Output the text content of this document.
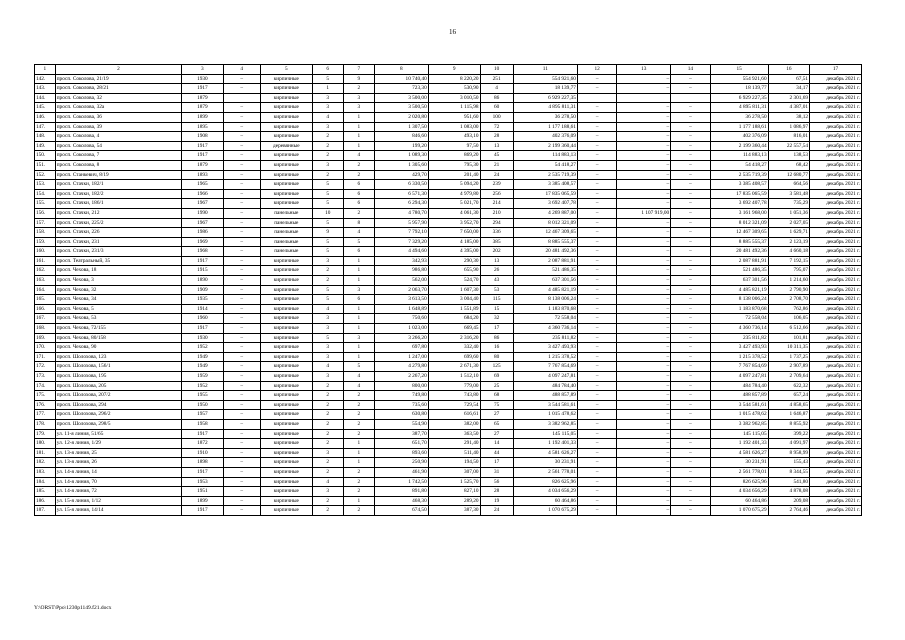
16
1	2	3	4	5	6	7	8	9	10	11	12	13	14	15	16	17
142.	просп. Соколова, 21/19	1930	–	кирпичные	5	9	10 740,40	8 220,20	251	554 921,60	–	–	–	554 921,60	67,51	декабрь 2021 г.
143.	просп. Соколова, 28/21	1917	–	кирпичные	1	2	723,30	530,90	4	18 139,77	–	–	–	18 139,77	34,17	декабрь 2021 г.
144.	просп. Соколова, 32	1879		кирпичные	3	3	3 500,00	3 010,50	86	6 929 227,35				6 929 227,35	2 301,69	декабрь 2021 г.
145.	просп. Соколова, 32а	1879	–	кирпичные	3	3	3 500,50	1 115,98	60	4 895 811,31	–	–	–	4 895 811,31	4 387,01	декабрь 2021 г.
146.	просп. Соколова, 36	1899	–	кирпичные	4	1	2 020,80	951,60	100	36 278,50	–	–	–	36 278,50	38,12	декабрь 2021 г.
147.	просп. Соколова, 39	1895	–	кирпичные	3	1	1 307,50	1 083,00	72	1 177 188,61	–	–	–	1 177 188,61	1 086,97	декабрь 2021 г.
148.	просп. Соколова, 4	1908	–	кирпичные	2	1	846,60	493,10	28	402 376,09	–	–	–	402 376,09	816,01	декабрь 2021 г.
149.	просп. Соколова, 54	1917	–	деревянные	2	1	199,20	97,50	13	2 199 360,44	–	–	–	2 199 360,44	22 557,54	декабрь 2021 г.
150.	просп. Соколова, 7	1917	–	кирпичные	2	4	1 089,30	869,20	45	114 883,13	–	–	–	114 883,13	138,53	декабрь 2021 г.
151.	просп. Соколова, 8	1879	–	кирпичные	3	2	1 305,60	795,30	21	54 418,27	–	–	–	54 418,27	68,42	декабрь 2021 г.
152.	просп. Станкевич, 8/19	1893	–	кирпичные	2	2	429,70	201,40	24	2 535 719,39	–	–	–	2 535 719,39	12 680,77	декабрь 2021 г.
153.	просп. Стачки, 182/1	1965	–	кирпичные	5	6	6 330,50	5 094,20	239	3 385 408,57	–	–	–	3 385 408,57	664,56	декабрь 2021 г.
154.	просп. Стачки, 182/2	1966	–	кирпичные	5	6	6 571,30	4 979,80	256	17 835 065,59	–	–	–	17 835 065,59	3 581,48	декабрь 2021 г.
155.	просп. Стачки, 186/1	1967	–	кирпичные	5	6	6 294,30	5 021,70	214	3 692 407,78	–	–	–	3 692 407,78	735,29	декабрь 2021 г.
156.	просп. Стачки, 212	1990	–	панельные	10	2	4 780,70	4 061,30	210	4 269 887,00	–	1 107 919,00	–	3 161 968,00	1 051,36	декабрь 2021 г.
157.	просп. Стачки, 225/2	1967	–	панельные	5	8	5 957,90	3 952,70	294	8 012 321,09	–	–	–	8 012 321,09	2 027,05	декабрь 2021 г.
158.	просп. Стачки, 226	1986	–	панельные	9	4	7 792,10	7 650,00	336	12 467 309,65	–	–	–	12 467 309,65	1 629,71	декабрь 2021 г.
159.	просп. Стачки, 231	1969	–	панельные	5	5	7 329,20	4 185,00	385	8 885 555,37	–	–	–	8 885 555,37	2 123,19	декабрь 2021 г.
160.	просп. Стачки, 231/3	1968	–	панельные	5	6	4 494,60	4 395,00	202	20 481 492,36	–	–	–	20 481 492,36	4 660,18	декабрь 2021 г.
161.	просп. Театральный, 35	1917	–	кирпичные	3	1	342,93	290,30	13	2 087 881,91	–	–	–	2 087 881,91	7 192,15	декабрь 2021 г.
162.	просп. Чехова, 18	1915	–	кирпичные	2	1	986,80	655,90	26	521 486,35	–	–	–	521 486,35	795,07	декабрь 2021 г.
163.	просп. Чехова, 3	1890	–	кирпичные	2	1	562,00	524,70	43	637 301,56	–	–	–	637 301,56	1 214,60	декабрь 2021 г.
164.	просп. Чехова, 32	1909	–	кирпичные	5	3	2 063,70	1 607,30	53	4 485 821,19	–	–	–	4 485 821,19	2 790,90	декабрь 2021 г.
165.	просп. Чехова, 34	1935	–	кирпичные	5	6	3 613,50	3 004,40	115	8 138 006,24	–	–	–	8 138 006,24	2 708,70	декабрь 2021 г.
166.	просп. Чехова, 5	1914	–	кирпичные	4	1	1 648,89	1 551,89	15	1 183 870,68	–	–	–	1 183 870,68	762,86	декабрь 2021 г.
167.	просп. Чехова, 53	1960	–	кирпичные	3	1	750,60	684,20	32	72 558,04	–	–	–	72 558,04	106,05	декабрь 2021 г.
168.	просп. Чехова, 72/155	1917	–	кирпичные	3	1	1 023,00	669,45	17	4 360 736,14	–	–	–	4 360 736,14	6 512,66	декабрь 2021 г.
169.	просп. Чехова, 80/158	1930	–	кирпичные	5	3	3 266,20	2 316,20	86	235 811,82	–	–	–	235 811,82	101,81	декабрь 2021 г.
170.	просп. Чехова, 90	1952	–	кирпичные	3	1	697,80	332,40	16	3 427 493,93	–	–	–	3 427 493,93	10 311,35	декабрь 2021 г.
171.	просп. Шолохова, 123	1949	–	кирпичные	3	1	1 247,00	699,60	80	1 215 378,52	–	–	–	1 215 378,52	1 737,25	декабрь 2021 г.
172.	просп. Шолохова, 156/1	1949	–	кирпичные	4	5	4 279,80	2 671,30	125	7 767 854,69	–	–	–	7 767 854,69	2 907,89	декабрь 2021 г.
173.	просп. Шолохова, 195	1959	–	кирпичные	3	4	2 267,20	1 512,10	69	4 097 247,81	–	–	–	4 097 247,81	2 709,64	декабрь 2021 г.
174.	просп. Шолохова, 205	1952	–	кирпичные	2	4	800,00	779,00	25	484 784,40	–	–	–	484 784,40	622,32	декабрь 2021 г.
175.	просп. Шолохова, 207/2	1955	–	кирпичные	2	2	749,80	743,80	68	488 857,89	–	–	–	488 857,89	657,24	декабрь 2021 г.
176.	просп. Шолохова, 294	1950	–	кирпичные	2	2	735,60	729,54	75	3 544 581,61	–	–	–	3 544 581,61	4 858,65	декабрь 2021 г.
177.	просп. Шолохова, 296/2	1957	–	кирпичные	2	2	630,80	616,61	27	1 015 478,62	–	–	–	1 015 478,62	1 646,87	декабрь 2021 г.
178.	просп. Шолохова, 298/5	1958	–	кирпичные	2	2	554,90	382,00	65	3 382 962,85	–	–	–	3 382 962,85	8 855,92	декабрь 2021 г.
179.	ул. 11-я линия, 51/65	1917	–	кирпичные	2	2	387,70	363,50	27	145 115,05	–	–	–	145 115,05	399,22	декабрь 2021 г.
180.	ул. 12-я линия, 1/29	1872	–	кирпичные	2	1	651,70	291,40	14	1 192 401,33	–	–	–	1 192 401,33	4 091,97	декабрь 2021 г.
181.	ул. 13-я линия, 25	1910	–	кирпичные	3	1	893,60	511,40	44	4 581 626,27	–	–	–	4 581 626,27	8 958,99	декабрь 2021 г.
182.	ул. 13-я линия, 26	1898	–	кирпичные	2	1	250,90	194,50	17	30 231,91	–	–	–	30 231,91	155,43	декабрь 2021 г.
183.	ул. 14-я линия, 14	1917	–	кирпичные	2	2	461,90	307,00	31	2 561 778,01	–	–	–	2 561 778,01	8 344,55	декабрь 2021 г.
184.	ул. 14-я линия, 70	1953	–	кирпичные	4	2	1 742,50	1 525,70	56	826 625,96	–	–	–	826 625,96	541,80	декабрь 2021 г.
185.	ул. 14-я линия, 72	1951	–	кирпичные	3	2	891,80	827,10	28	4 034 656,29	–	–	–	4 034 656,29	4 878,08	декабрь 2021 г.
186.	ул. 15-я линия, 1/12	1899	–	кирпичные	2	1	468,30	289,20	19	60 464,86	–	–	–	60 464,86	209,08	декабрь 2021 г.
187.	ул. 15-я линия, 14/14	1917	–	кирпичные	2	2	674,50	387,30	24	1 070 675,29	–	–	–	1 070 675,29	2 764,46	декабрь 2021 г.
Y:\ORST\Ppo\1230p1149.f21.docx
